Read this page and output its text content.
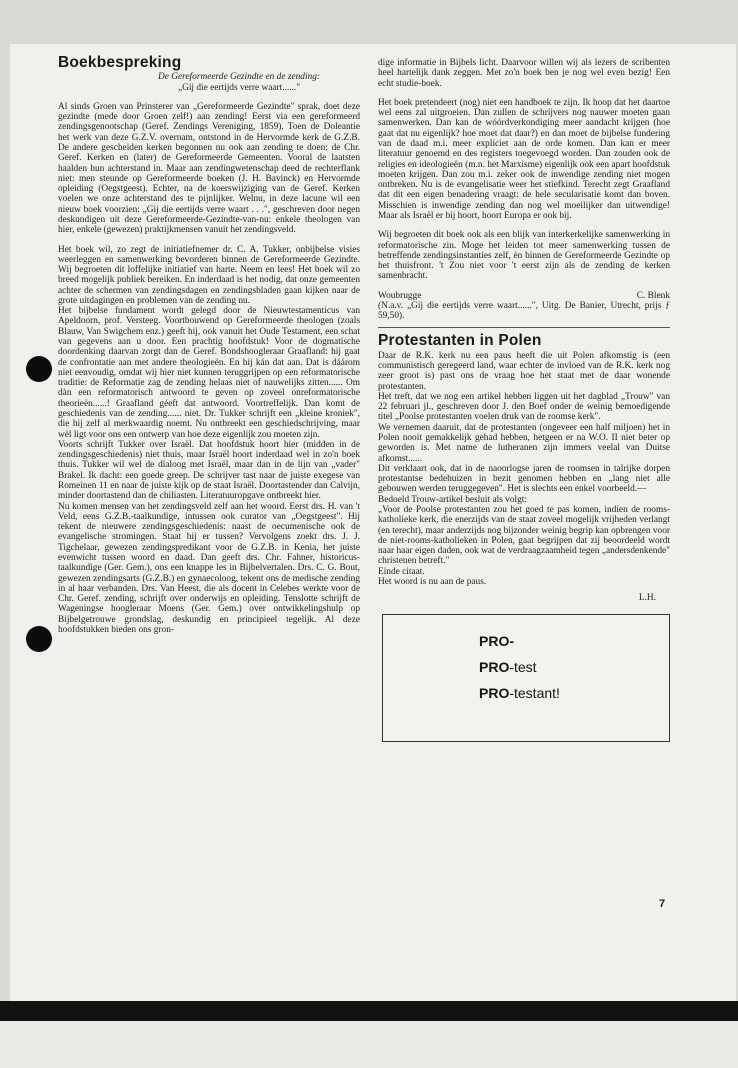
Boekbespreking
De Gereformeerde Gezindte en de zending:
„Gij die eertijds verre waart......"

Al sinds Groen van Prinsterer van „Gereformeerde Gezindte" sprak, doet deze gezindte (mede door Groen zelf!) aan zending! Eerst via een gereformeerd zendingsgenootschap (Geref. Zendings Vereniging, 1859). Toen de Doleantie het werk van deze G.Z.V. overnam, ontstond in de Hervormde kerk de G.Z.B. De andere gescheiden kerken begonnen nu ook aan zending te doen: de Chr. Geref. Kerken en (later) de Gereformeerde Gemeenten. Vooral de laatsten haalden hun achterstand in. Maar aan zendingwetenschap deed de rechterflank niet: men steunde op Gereformeerde boeken (J. H. Bavinck) en Hervormde opleiding (Oegstgeest). Echter, na de koerswijziging van de Geref. Kerken voelen we onze achterstand des te pijnlijker. Welnu, in deze lacune wil een nieuw boek voorzien: „Gij die eertijds verre waart . . .", geschreven door negen deskundigen uit deze Gereformeerde-Gezindte-van-nu: enkele theologen van hier, enkele (gewezen) praktijkmensen vanuit het zendingsveld.

Het boek wil, zo zegt de initiatiefnemer dr. C. A. Tukker, onbijbelse visies weerleggen en samenwerking bevorderen binnen de Gereformeerde Gezindte. Wij begroeten dit loffelijke initiatief van harte. Neem en lees! Het boek wil zo breed mogelijk publiek bereiken. En inderdaad is het nodig, dat onze gemeenten achter de schermen van zendingsdagen en zendingsbladen gaan kijken naar de grote uitdagingen en problemen van de zending nu.

Het bijbelse fundament wordt gelegd door de Nieuwtestamenticus van Apeldoorn, prof. Versteeg. Voortbouwend op Gereformeerde theologen (zoals Blauw, Van Swigchem enz.) geeft hij, ook vanuit het Oude Testament, een schat van gegevens aan u door. Een prachtig hoofdstuk! Voor de dogmatische doordenking daarvan zorgt dan de Geref. Bondshoogleraar Graafland: hij gaat de confrontatie aan met andere theologieën. En hij kán dat aan. Dat is dáárom niet eenvoudig, omdat wij hier niet kunnen teruggrijpen op een reformatorische traditie: de Reformatie zag de zending helaas niet of nauwelijks zitten...... Om dàn een reformatorisch antwoord te geven op zoveel onreformatorische theorieën......! Graafland géeft dat antwoord. Voortreffelijk. Dan komt de geschiedenis van de zending...... niet. Dr. Tukker schrijft een „kleine kroniek", die hij zelf al merkwaardig noemt. Nu ontbreekt een geschiedschrijving, maar wèl ligt voor ons een ontwerp van hoe deze eigenlijk zou moeten zijn.

Voorts schrijft Tukker over Israël. Dat hoofdstuk hoort hier (midden in de zendingsgeschiedenis) niet thuis, maar Israël hoort inderdaad wel in zo'n boek thuis. Tukker wil wel de dialoog met Israël, maar dan in de lijn van „vader" Brakel. Ik dacht: een goede greep. De schrijver tast naar de juiste exegese van Romeinen 11 en naar de juiste kijk op de staat Israël. Doortastender dan Calvijn, minder doortastend dan de chiliasten. Literatuuropgave ontbreekt hier.

Nu komen mensen van het zendingsveld zelf aan het woord. Eerst drs. H. van 't Veld, eens G.Z.B.-taalkundige, intussen ook curator van „Oegstgeest". Hij tekent de nieuwere zendingsgeschiedenis: naast de oecumenische ook de evangelische stromingen. Staat hij er tussen? Vervolgens zoekt drs. J. J. Tigchelaar, gewezen zendingspredikant voor de G.Z.B. in Kenia, het juiste evenwicht tussen woord en daad. Dan geeft drs. Chr. Fahner, historicus-taalkundige (Ger. Gem.), ons een knappe les in Bijbelvertalen. Drs. C. G. Bout, gewezen zendingsarts (G.Z.B.) en gynaecoloog, tekent ons de medische zending in al haar verbanden. Drs. Van Heest, die als docent in Celebes werkte voor de Chr. Geref. zending, schrijft over onderwijs en opleiding. Tenslotte schrijft de Wageningse hoogleraar Moens (Ger. Gem.) over ontwikkelingshulp op Bijbelgetrouwe grondslag, deskundig en principieel tegelijk. Al deze hoofdstukken bieden ons gron-

dige informatie in Bijbels licht. Daarvoor willen wij als lezers de scribenten heel hartelijk dank zeggen. Met zo'n boek ben je nog wel even bezig! Een echt studie-boek.

Het boek pretendeert (nog) niet een handboek te zijn. Ik hoop dat het daartoe wel eens zal uitgroeien. Dan zullen de schrijvers nog nauwer moeten gaan samenwerken. Dan kan de wóórdverkondiging meer aandacht krijgen (hoe gaat dat nu eigenlijk? hoe moet dat daar?) en dan moet de bijbelse fundering van de daad m.i. meer expliciet aan de orde komen. Dan kan er meer literatuur genoemd en des registers toegevoegd worden. Dan zouden ook de religies en ideologieën (m.n. het Marxisme) eigenlijk ook een apart hoofdstuk moeten krijgen. Dan zou m.i. zeker ook de inwendige zending niet mogen ontbreken. Nu is de evangelisatie weer het stiefkind. Terecht zegt Graafland dat dit een eigen benadering vraagt: de hele secularisatie komt dan boven. Misschien is inwendige zending dan nog wel moeilijker dan uitwendige! Maar als Israël er bij hoort, hoort Europa er ook bij.

Wij begroeten dit boek ook als een blijk van interkerkelijke samenwerking in reformatorische zin. Moge het leiden tot meer samenwerking tussen de betreffende zendingsinstanties zelf, èn binnen de Gereformeerde Gezindte op het thuisfront. 't Zou niet voor 't eerst zijn als de zending de kerken samenbracht.

Woubrugge	C. Blenk

(N.a.v. „Gij die eertijds verre waart......", Uitg. De Banier, Utrecht, prijs ƒ 59,50).

Protestanten in Polen

Daar de R.K. kerk nu een paus heeft die uit Polen afkomstig is (een communistisch geregeerd land, waar echter de invloed van de R.K. kerk nog zeer groot is) past ons de vraag hoe het staat met de daar wonende protestanten.

Het treft, dat we nog een artikel hebben liggen uit het dagblad „Trouw" van 22 februari jl., geschreven door J. den Boef onder de weinig bemoedigende titel „Poolse protestanten voelen druk van de roomse kerk".

We vernemen daaruit, dat de protestanten (ongeveer een half miljoen) het in Polen nooit gemakkelijk gehad hebben, hetgeen er na W.O. II niet beter op geworden is. Met name de lutheranen zijn immers veelal van Duitse afkomst......

Dit verklaart ook, dat in de naoorlogse jaren de roomsen in talrijke dorpen protestantse bedehuizen in bezit genomen hebben en „lang niet alle gebouwen werden teruggegeven". Het is slechts een enkel voorbeeld.—

Bedoeld Trouw-artikel besluit als volgt:

„Voor de Poolse protestanten zou het goed te pas komen, indien de rooms-katholieke kerk, die enerzijds van de staat zoveel mogelijk vrijheden verlangt (en terecht), maar anderzijds nog bijzonder weinig begrip kan opbrengen voor de niet-rooms-katholieken in Polen, gaat begrijpen dat zij beoordeeld wordt naar haar eigen daden, ook wat de verdraagzaamheid tegen „andersdenkende" christenen betreft."

Einde citaat.

Het woord is nu aan de paus.

L.H.
PRO-
PRO-test
PRO-testant!
7
